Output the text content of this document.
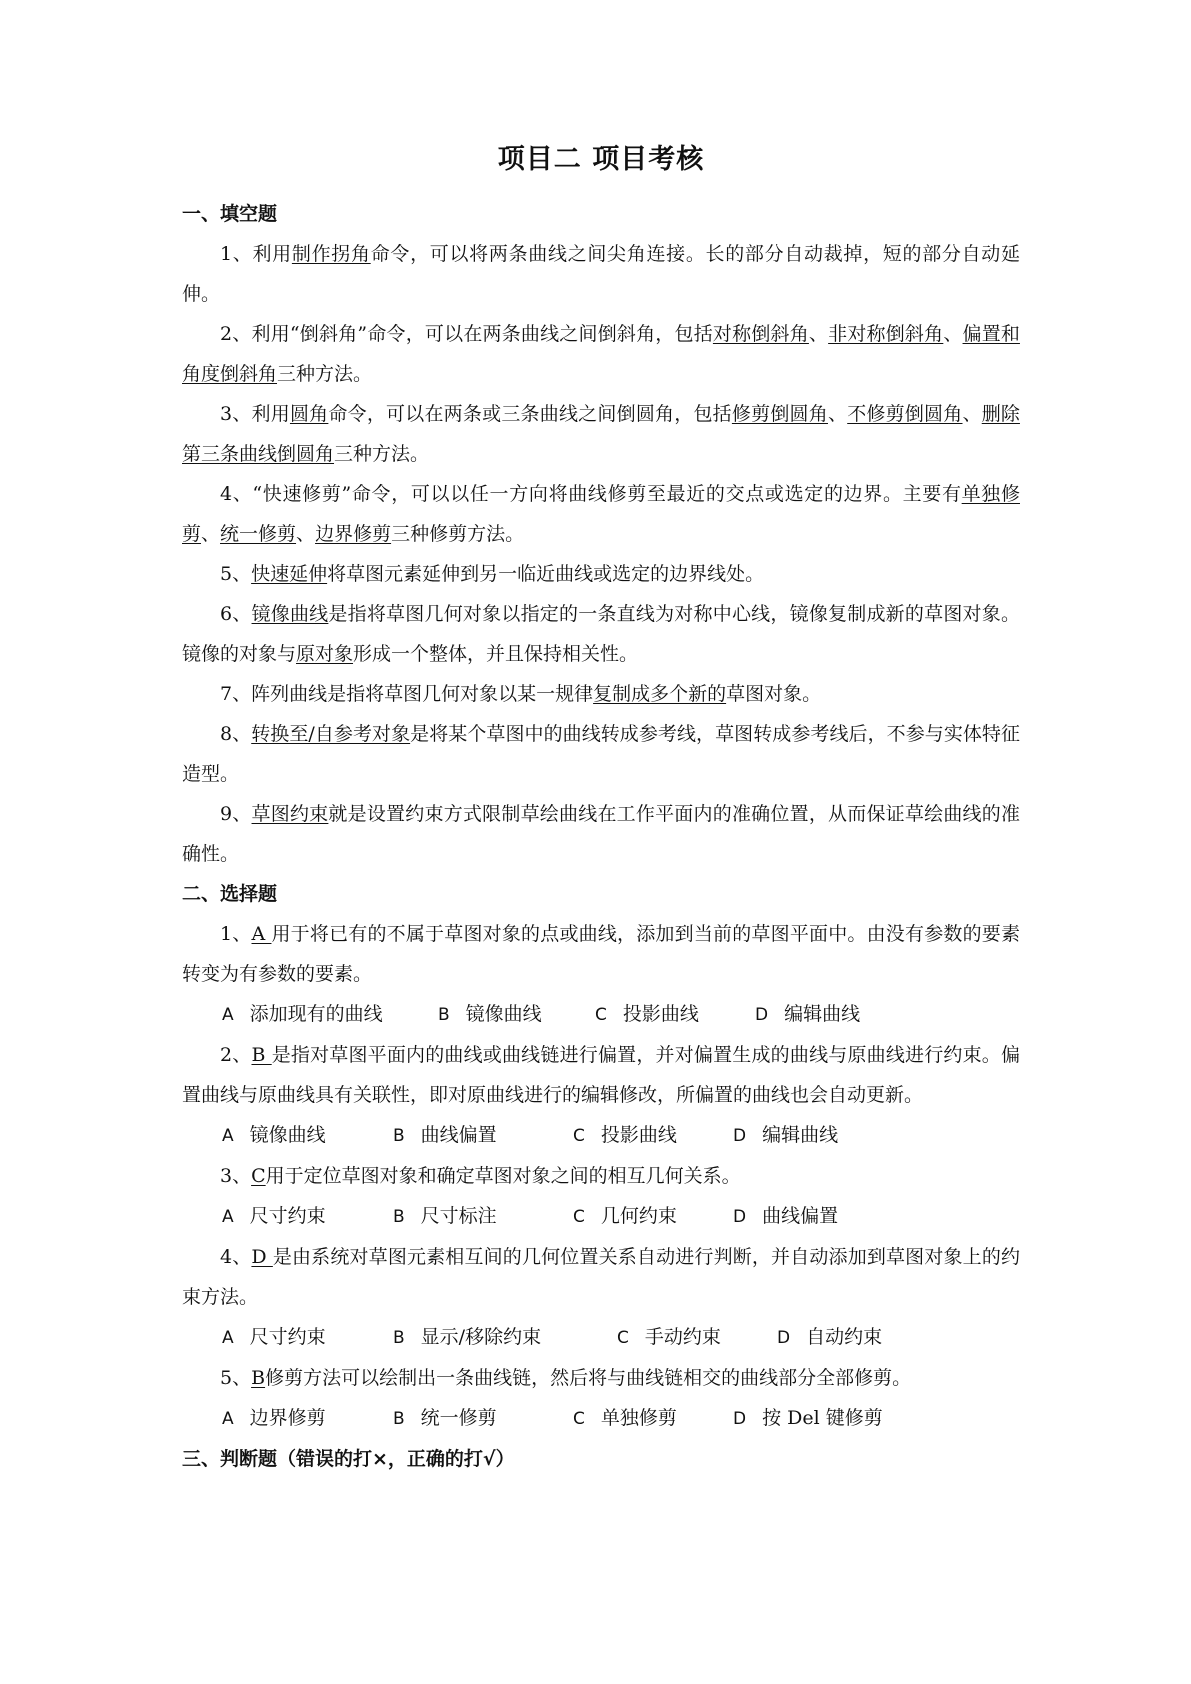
项目二 项目考核

一、填空题

1、利用制作拐角命令，可以将两条曲线之间尖角连接。长的部分自动裁掉，短的部分自动延伸。

2、利用“倒斜角”命令，可以在两条曲线之间倒斜角，包括对称倒斜角、非对称倒斜角、偏置和角度倒斜角三种方法。

3、利用圆角命令，可以在两条或三条曲线之间倒圆角，包括修剪倒圆角、不修剪倒圆角、删除第三条曲线倒圆角三种方法。

4、“快速修剪”命令，可以以任一方向将曲线修剪至最近的交点或选定的边界。主要有单独修剪、统一修剪、边界修剪三种修剪方法。

5、快速延伸将草图元素延伸到另一临近曲线或选定的边界线处。

6、镜像曲线是指将草图几何对象以指定的一条直线为对称中心线，镜像复制成新的草图对象。镜像的对象与原对象形成一个整体，并且保持相关性。

7、阵列曲线是指将草图几何对象以某一规律复制成多个新的草图对象。

8、转换至/自参考对象是将某个草图中的曲线转成参考线，草图转成参考线后，不参与实体特征造型。

9、草图约束就是设置约束方式限制草绘曲线在工作平面内的准确位置，从而保证草绘曲线的准确性。

二、选择题

1、A 用于将已有的不属于草图对象的点或曲线，添加到当前的草图平面中。由没有参数的要素转变为有参数的要素。

A 添加现有的曲线	B 镜像曲线	C 投影曲线	D 编辑曲线

2、B 是指对草图平面内的曲线或曲线链进行偏置，并对偏置生成的曲线与原曲线进行约束。偏置曲线与原曲线具有关联性，即对原曲线进行的编辑修改，所偏置的曲线也会自动更新。

A 镜像曲线	B 曲线偏置	C 投影曲线	D 编辑曲线

3、C用于定位草图对象和确定草图对象之间的相互几何关系。

A 尺寸约束	B 尺寸标注	C 几何约束	D 曲线偏置

4、D 是由系统对草图元素相互间的几何位置关系自动进行判断，并自动添加到草图对象上的约束方法。

A 尺寸约束	B 显示/移除约束	C 手动约束	D 自动约束

5、B修剪方法可以绘制出一条曲线链，然后将与曲线链相交的曲线部分全部修剪。

A 边界修剪	B 统一修剪	C 单独修剪	D 按 Del 键修剪

三、判断题（错误的打×，正确的打√）
